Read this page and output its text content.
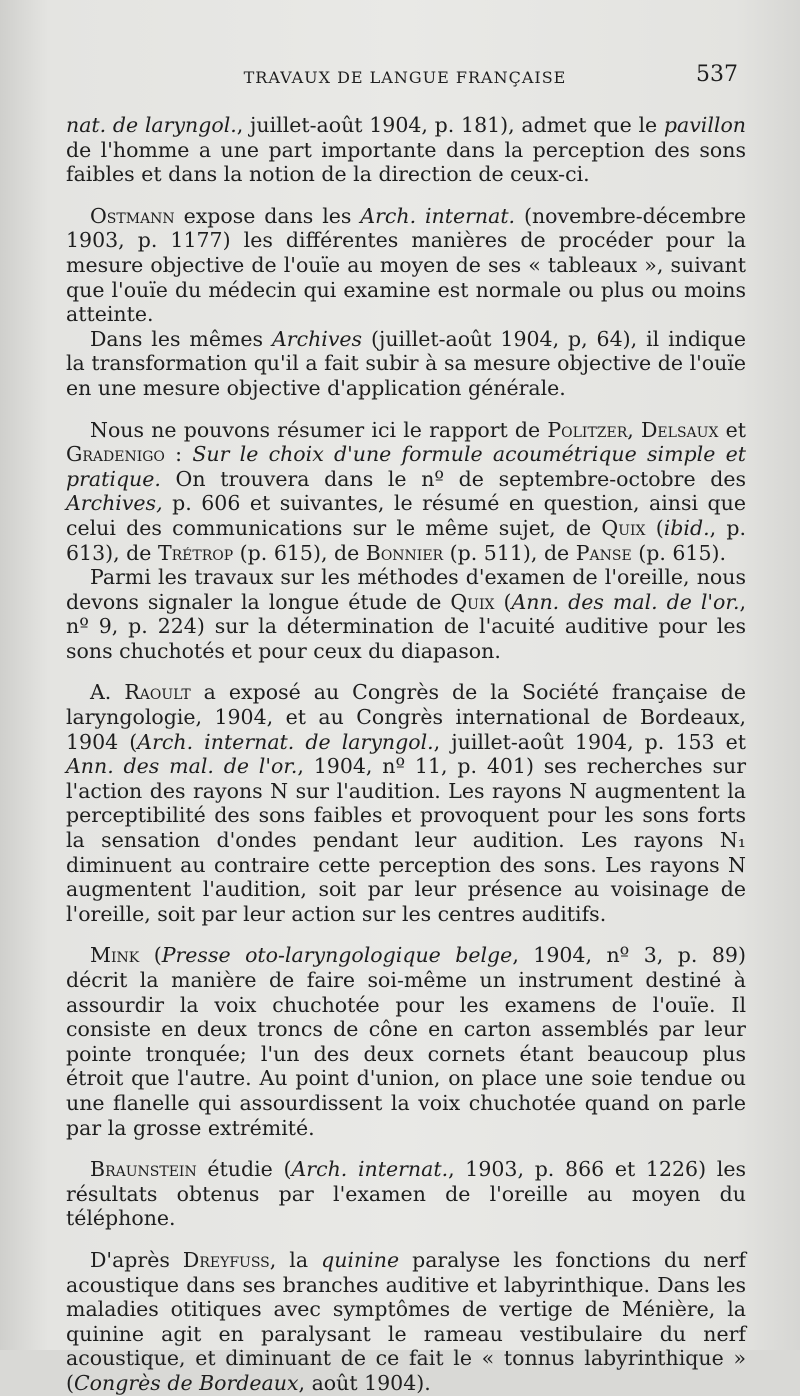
TRAVAUX DE LANGUE FRANÇAISE	537

nat. de laryngol., juillet-août 1904, p. 181), admet que le pavillon de l'homme a une part importante dans la perception des sons faibles et dans la notion de la direction de ceux-ci.

Ostmann expose dans les Arch. internat. (novembre-décembre 1903, p. 1177) les différentes manières de procéder pour la mesure objective de l'ouïe au moyen de ses « tableaux », suivant que l'ouïe du médecin qui examine est normale ou plus ou moins atteinte.

Dans les mêmes Archives (juillet-août 1904, p, 64), il indique la transformation qu'il a fait subir à sa mesure objective de l'ouïe en une mesure objective d'application générale.

Nous ne pouvons résumer ici le rapport de Politzer, Delsaux et Gradenigo : Sur le choix d'une formule acoumétrique simple et pratique. On trouvera dans le nº de septembre-octobre des Archives, p. 606 et suivantes, le résumé en question, ainsi que celui des communications sur le même sujet, de Quix (ibid., p. 613), de Trétrop (p. 615), de Bonnier (p. 511), de Panse (p. 615).

Parmi les travaux sur les méthodes d'examen de l'oreille, nous devons signaler la longue étude de Quix (Ann. des mal. de l'or., nº 9, p. 224) sur la détermination de l'acuité auditive pour les sons chuchotés et pour ceux du diapason.

A. Raoult a exposé au Congrès de la Société française de laryngologie, 1904, et au Congrès international de Bordeaux, 1904 (Arch. internat. de laryngol., juillet-août 1904, p. 153 et Ann. des mal. de l'or., 1904, nº 11, p. 401) ses recherches sur l'action des rayons N sur l'audition. Les rayons N augmentent la perceptibilité des sons faibles et provoquent pour les sons forts la sensation d'ondes pendant leur audition. Les rayons N₁ diminuent au contraire cette perception des sons. Les rayons N augmentent l'audition, soit par leur présence au voisinage de l'oreille, soit par leur action sur les centres auditifs.

Mink (Presse oto-laryngologique belge, 1904, nº 3, p. 89) décrit la manière de faire soi-même un instrument destiné à assourdir la voix chuchotée pour les examens de l'ouïe. Il consiste en deux troncs de cône en carton assemblés par leur pointe tronquée; l'un des deux cornets étant beaucoup plus étroit que l'autre. Au point d'union, on place une soie tendue ou une flanelle qui assourdissent la voix chuchotée quand on parle par la grosse extrémité.

Braunstein étudie (Arch. internat., 1903, p. 866 et 1226) les résultats obtenus par l'examen de l'oreille au moyen du téléphone.

D'après Dreyfuss, la quinine paralyse les fonctions du nerf acoustique dans ses branches auditive et labyrinthique. Dans les maladies otitiques avec symptômes de vertige de Ménière, la quinine agit en paralysant le rameau vestibulaire du nerf acoustique, et diminuant de ce fait le « tonnus labyrinthique » (Congrès de Bordeaux, août 1904).
